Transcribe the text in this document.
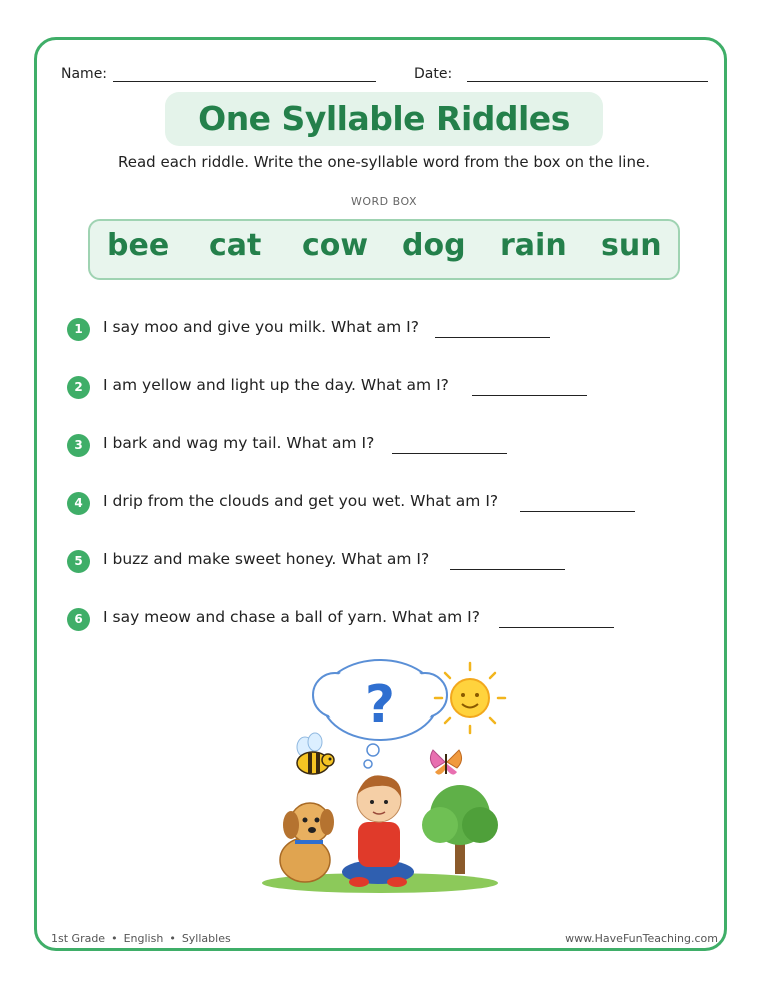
Name:	Date:
One Syllable Riddles
Read each riddle. Write the one-syllable word from the box on the line.
WORD BOX
bee cat cow dog rain sun
1	I say moo and give you milk. What am I?
2	I am yellow and light up the day. What am I?
3	I bark and wag my tail. What am I?
4	I drip from the clouds and get you wet. What am I?
5	I buzz and make sweet honey. What am I?
6	I say meow and chase a ball of yarn. What am I?
?
1st Grade • English • Syllables	www.HaveFunTeaching.com
